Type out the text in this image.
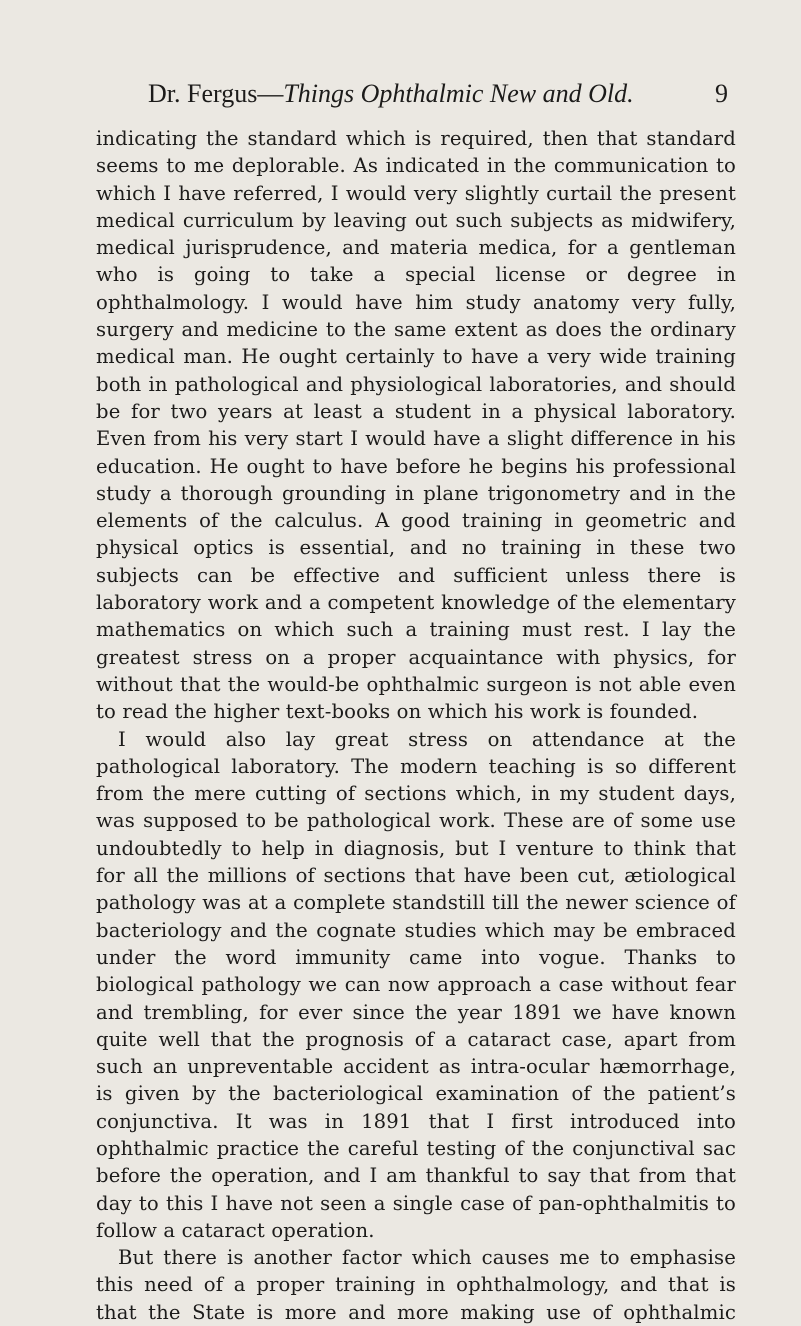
Dr. Fergus—Things Ophthalmic New and Old.	9

indicating the standard which is required, then that standard seems to me deplorable. As indicated in the communication to which I have referred, I would very slightly curtail the present medical curriculum by leaving out such subjects as midwifery, medical jurisprudence, and materia medica, for a gentleman who is going to take a special license or degree in ophthalmology. I would have him study anatomy very fully, surgery and medicine to the same extent as does the ordinary medical man. He ought certainly to have a very wide training both in pathological and physiological laboratories, and should be for two years at least a student in a physical laboratory. Even from his very start I would have a slight difference in his education. He ought to have before he begins his professional study a thorough grounding in plane trigonometry and in the elements of the calculus. A good training in geometric and physical optics is essential, and no training in these two subjects can be effective and sufficient unless there is laboratory work and a competent knowledge of the elementary mathematics on which such a training must rest. I lay the greatest stress on a proper acquaintance with physics, for without that the would-be ophthalmic surgeon is not able even to read the higher text-books on which his work is founded.

I would also lay great stress on attendance at the pathological laboratory. The modern teaching is so different from the mere cutting of sections which, in my student days, was supposed to be pathological work. These are of some use undoubtedly to help in diagnosis, but I venture to think that for all the millions of sections that have been cut, ætiological pathology was at a complete standstill till the newer science of bacteriology and the cognate studies which may be embraced under the word immunity came into vogue. Thanks to biological pathology we can now approach a case without fear and trembling, for ever since the year 1891 we have known quite well that the prognosis of a cataract case, apart from such an unpreventable accident as intra-ocular hæmorrhage, is given by the bacteriological examination of the patient’s conjunctiva. It was in 1891 that I first introduced into ophthalmic practice the careful testing of the conjunctival sac before the operation, and I am thankful to say that from that day to this I have not seen a single case of pan-ophthalmitis to follow a cataract operation.

But there is another factor which causes me to emphasise this need of a proper training in ophthalmology, and that is that the State is more and more making use of ophthalmic
